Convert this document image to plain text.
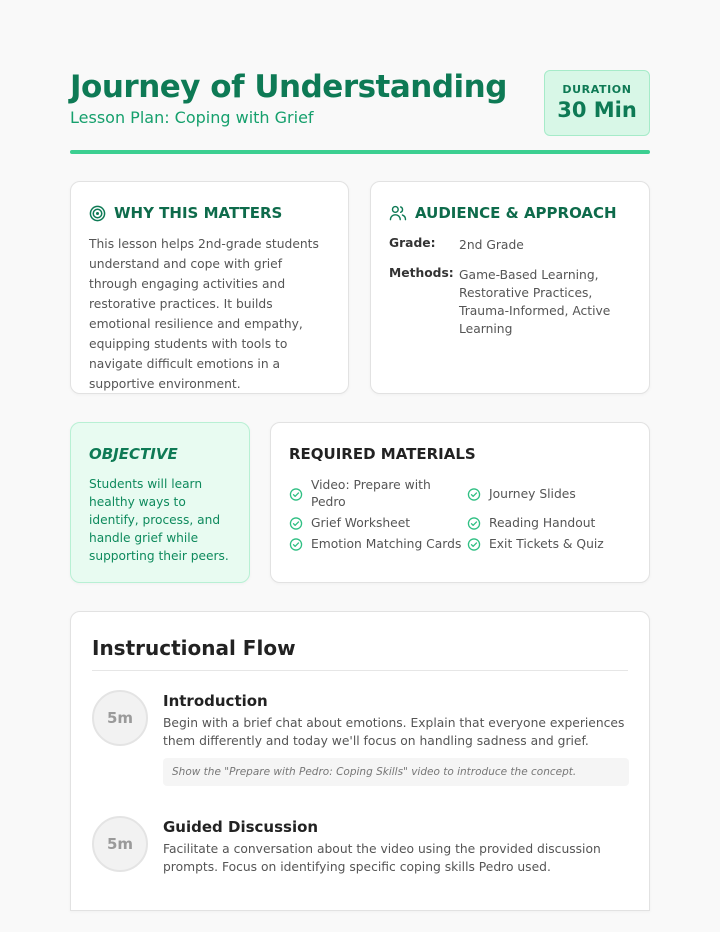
Journey of Understanding
Lesson Plan: Coping with Grief
DURATION
30 Min
WHY THIS MATTERS

This lesson helps 2nd-grade students understand and cope with grief through engaging activities and restorative practices. It builds emotional resilience and empathy, equipping students with tools to navigate difficult emotions in a supportive environment.

AUDIENCE & APPROACH
Grade:	2nd Grade
Methods: Game-Based Learning, Restorative Practices, Trauma-Informed, Active Learning
OBJECTIVE

Students will learn healthy ways to identify, process, and handle grief while supporting their peers.

REQUIRED MATERIALS
Video: Prepare with Pedro
Journey Slides
Grief Worksheet	Reading Handout
Emotion Matching Cards Exit Tickets & Quiz
Instructional Flow
5m
Introduction
Begin with a brief chat about emotions. Explain that everyone experiences them differently and today we'll focus on handling sadness and grief.
Show the "Prepare with Pedro: Coping Skills" video to introduce the concept.
5m
Guided Discussion
Facilitate a conversation about the video using the provided discussion prompts. Focus on identifying specific coping skills Pedro used.
